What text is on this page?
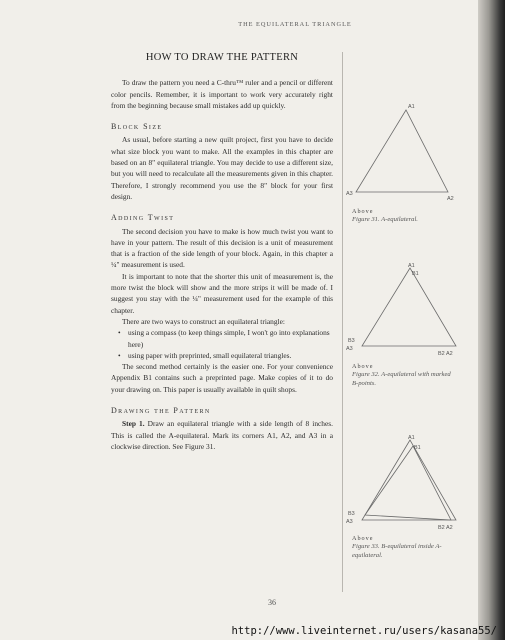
THE EQUILATERAL TRIANGLE
HOW TO DRAW THE PATTERN

To draw the pattern you need a C-thru™ ruler and a pencil or different color pencils. Remember, it is important to work very accurately right from the beginning because small mistakes add up quickly.

Block Size

As usual, before starting a new quilt project, first you have to decide what size block you want to make. All the examples in this chapter are based on an 8" equilateral triangle. You may decide to use a different size, but you will need to recalculate all the measurements given in this chapter. Therefore, I strongly recommend you use the 8" block for your first design.

Adding Twist

The second decision you have to make is how much twist you want to have in your pattern. The result of this decision is a unit of measurement that is a fraction of the side length of your block. Again, in this chapter a ¼" measurement is used.

It is important to note that the shorter this unit of measurement is, the more twist the block will show and the more strips it will be made of. I suggest you stay with the ¼" measurement used for the example of this chapter.

There are two ways to construct an equilateral triangle:

• using a compass (to keep things simple, I won't go into explanations here)
• using paper with preprinted, small equilateral triangles.

The second method certainly is the easier one. For your convenience Appendix B1 contains such a preprinted page. Make copies of it to do your drawing on. This paper is usually available in quilt shops.

Drawing the Pattern

Step 1. Draw an equilateral triangle with a side length of 8 inches. This is called the A-equilateral. Mark its corners A1, A2, and A3 in a clockwise direction. See Figure 31.

A1
A2
A3
Above
Figure 31. A-equilateral.
A1
B1
B2 A2
B3
A3
Above
Figure 32. A-equilateral with marked B-points.
A1
B1
B2 A2
B3
A3
Above
Figure 33. B-equilateral inside A-equilateral.
36
http://www.liveinternet.ru/users/kasana55/
